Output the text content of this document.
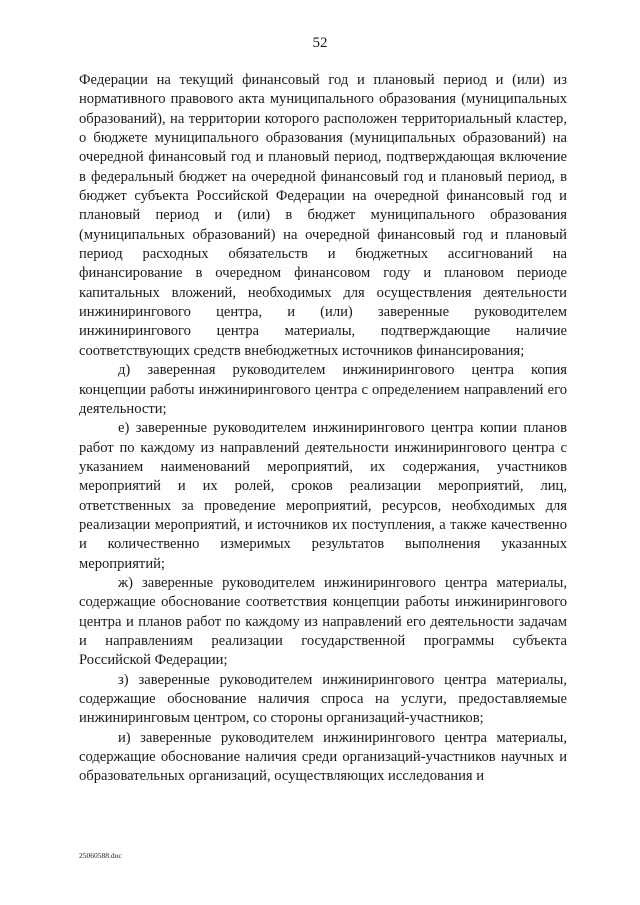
52

Федерации на текущий финансовый год и плановый период и (или) из нормативного правового акта муниципального образования (муниципальных образований), на территории которого расположен территориальный кластер, о бюджете муниципального образования (муниципальных образований) на очередной финансовый год и плановый период, подтверждающая включение в федеральный бюджет на очередной финансовый год и плановый период, в бюджет субъекта Российской Федерации на очередной финансовый год и плановый период и (или) в бюджет муниципального образования (муниципальных образований) на очередной финансовый год и плановый период расходных обязательств и бюджетных ассигнований на финансирование в очередном финансовом году и плановом периоде капитальных вложений, необходимых для осуществления деятельности инжинирингового центра, и (или) заверенные руководителем инжинирингового центра материалы, подтверждающие наличие соответствующих средств внебюджетных источников финансирования;

д) заверенная руководителем инжинирингового центра копия концепции работы инжинирингового центра с определением направлений его деятельности;

е) заверенные руководителем инжинирингового центра копии планов работ по каждому из направлений деятельности инжинирингового центра с указанием наименований мероприятий, их содержания, участников мероприятий и их ролей, сроков реализации мероприятий, лиц, ответственных за проведение мероприятий, ресурсов, необходимых для реализации мероприятий, и источников их поступления, а также качественно и количественно измеримых результатов выполнения указанных мероприятий;

ж) заверенные руководителем инжинирингового центра материалы, содержащие обоснование соответствия концепции работы инжинирингового центра и планов работ по каждому из направлений его деятельности задачам и направлениям реализации государственной программы субъекта Российской Федерации;

з) заверенные руководителем инжинирингового центра материалы, содержащие обоснование наличия спроса на услуги, предоставляемые инжиниринговым центром, со стороны организаций-участников;

и) заверенные руководителем инжинирингового центра материалы, содержащие обоснование наличия среди организаций-участников научных и образовательных организаций, осуществляющих исследования и

25060588.doc
